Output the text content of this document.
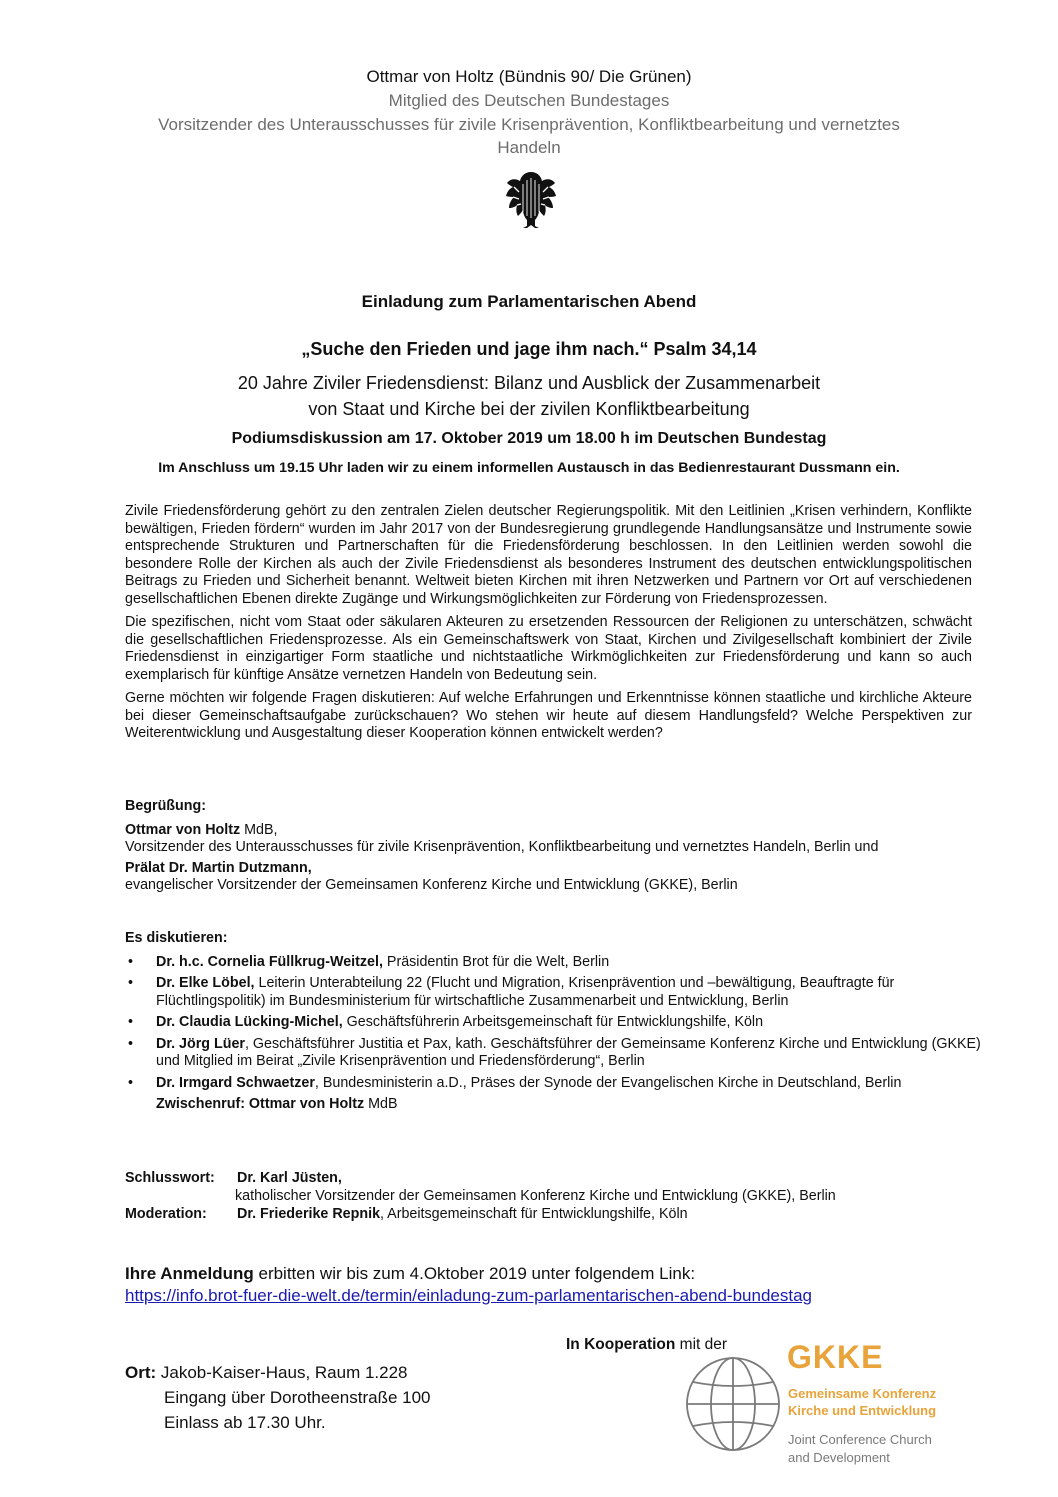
Ottmar von Holtz (Bündnis 90/ Die Grünen)
Mitglied des Deutschen Bundestages
Vorsitzender des Unterausschusses für zivile Krisenprävention, Konfliktbearbeitung und vernetztes
Handeln
Einladung zum Parlamentarischen Abend
„Suche den Frieden und jage ihm nach.“ Psalm 34,14
20 Jahre Ziviler Friedensdienst: Bilanz und Ausblick der Zusammenarbeit
von Staat und Kirche bei der zivilen Konfliktbearbeitung
Podiumsdiskussion am 17. Oktober 2019 um 18.00 h im Deutschen Bundestag
Im Anschluss um 19.15 Uhr laden wir zu einem informellen Austausch in das Bedienrestaurant Dussmann ein.

Zivile Friedensförderung gehört zu den zentralen Zielen deutscher Regierungspolitik. Mit den Leitlinien „Krisen verhindern, Konflikte bewältigen, Frieden fördern“ wurden im Jahr 2017 von der Bundesregierung grundlegende Handlungsansätze und Instrumente sowie entsprechende Strukturen und Partnerschaften für die Friedensförderung beschlossen. In den Leitlinien werden sowohl die besondere Rolle der Kirchen als auch der Zivile Friedensdienst als besonderes Instrument des deutschen entwicklungspolitischen Beitrags zu Frieden und Sicherheit benannt. Weltweit bieten Kirchen mit ihren Netzwerken und Partnern vor Ort auf verschiedenen gesellschaftlichen Ebenen direkte Zugänge und Wirkungsmöglichkeiten zur Förderung von Friedensprozessen.

Die spezifischen, nicht vom Staat oder säkularen Akteuren zu ersetzenden Ressourcen der Religionen zu unterschätzen, schwächt die gesellschaftlichen Friedensprozesse. Als ein Gemeinschaftswerk von Staat, Kirchen und Zivilgesellschaft kombiniert der Zivile Friedensdienst in einzigartiger Form staatliche und nichtstaatliche Wirkmöglichkeiten zur Friedensförderung und kann so auch exemplarisch für künftige Ansätze vernetzen Handeln von Bedeutung sein.

Gerne möchten wir folgende Fragen diskutieren: Auf welche Erfahrungen und Erkenntnisse können staatliche und kirchliche Akteure bei dieser Gemeinschaftsaufgabe zurückschauen? Wo stehen wir heute auf diesem Handlungsfeld? Welche Perspektiven zur Weiterentwicklung und Ausgestaltung dieser Kooperation können entwickelt werden?

Begrüßung:
Ottmar von Holtz MdB,
Vorsitzender des Unterausschusses für zivile Krisenprävention, Konfliktbearbeitung und vernetztes Handeln, Berlin und
Prälat Dr. Martin Dutzmann,
evangelischer Vorsitzender der Gemeinsamen Konferenz Kirche und Entwicklung (GKKE), Berlin
Es diskutieren:
• Dr. h.c. Cornelia Füllkrug-Weitzel, Präsidentin Brot für die Welt, Berlin
• Dr. Elke Löbel, Leiterin Unterabteilung 22 (Flucht und Migration, Krisenprävention und –bewältigung, Beauftragte für Flüchtlingspolitik) im Bundesministerium für wirtschaftliche Zusammenarbeit und Entwicklung, Berlin
• Dr. Claudia Lücking-Michel, Geschäftsführerin Arbeitsgemeinschaft für Entwicklungshilfe, Köln
• Dr. Jörg Lüer, Geschäftsführer Justitia et Pax, kath. Geschäftsführer der Gemeinsame Konferenz Kirche und Entwicklung (GKKE) und Mitglied im Beirat „Zivile Krisenprävention und Friedensförderung“, Berlin
• Dr. Irmgard Schwaetzer, Bundesministerin a.D., Präses der Synode der Evangelischen Kirche in Deutschland, Berlin
Zwischenruf: Ottmar von Holtz MdB
Schlusswort: Dr. Karl Jüsten,
katholischer Vorsitzender der Gemeinsamen Konferenz Kirche und Entwicklung (GKKE), Berlin
Moderation: Dr. Friederike Repnik, Arbeitsgemeinschaft für Entwicklungshilfe, Köln
Ihre Anmeldung erbitten wir bis zum 4.Oktober 2019 unter folgendem Link:
https://info.brot-fuer-die-welt.de/termin/einladung-zum-parlamentarischen-abend-bundestag
In Kooperation mit der
Ort: Jakob-Kaiser-Haus, Raum 1.228
Eingang über Dorotheenstraße 100
Einlass ab 17.30 Uhr.
GKKE
Gemeinsame Konferenz
Kirche und Entwicklung
Joint Conference Church
and Development
